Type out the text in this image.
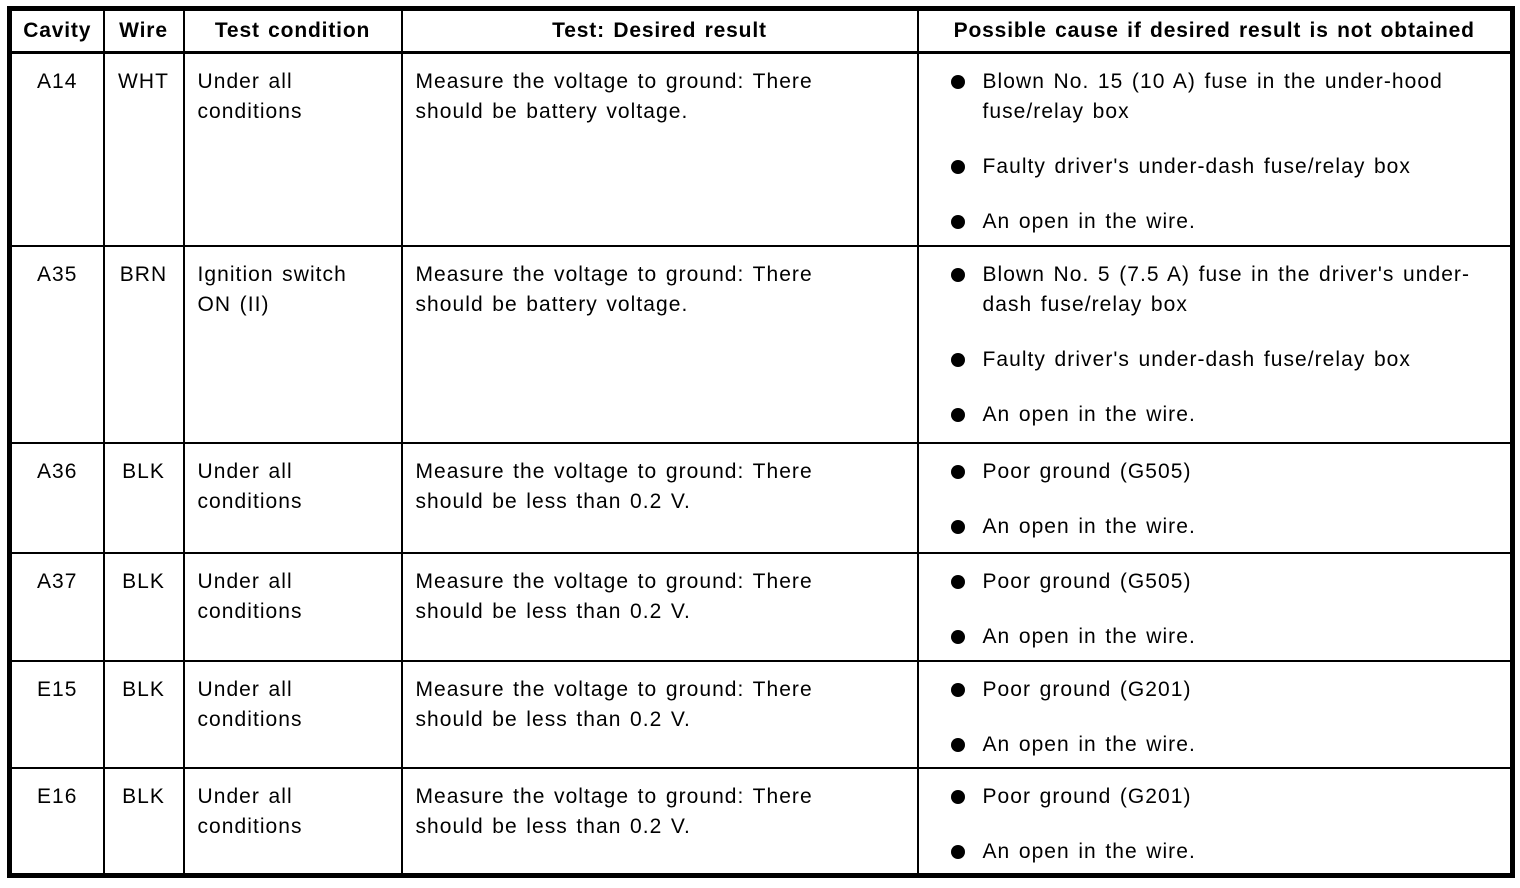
Cavity	Wire	Test condition	Test: Desired result	Possible cause if desired result is not obtained
A14	WHT	Under all conditions	Measure the voltage to ground: There should be battery voltage.	Blown No. 15 (10 A) fuse in the under-hood fuse/relay box
Faulty driver's under-dash fuse/relay box
An open in the wire.

A35	BRN	Ignition switch ON (II)	Measure the voltage to ground: There should be battery voltage.	Blown No. 5 (7.5 A) fuse in the driver's under-dash fuse/relay box
Faulty driver's under-dash fuse/relay box
An open in the wire.

A36	BLK	Under all conditions	Measure the voltage to ground: There should be less than 0.2 V.	Poor ground (G505)
An open in the wire.

A37	BLK	Under all conditions	Measure the voltage to ground: There should be less than 0.2 V.	Poor ground (G505)
An open in the wire.

E15	BLK	Under all conditions	Measure the voltage to ground: There should be less than 0.2 V.	Poor ground (G201)
An open in the wire.

E16	BLK	Under all conditions	Measure the voltage to ground: There should be less than 0.2 V.	Poor ground (G201)
An open in the wire.
